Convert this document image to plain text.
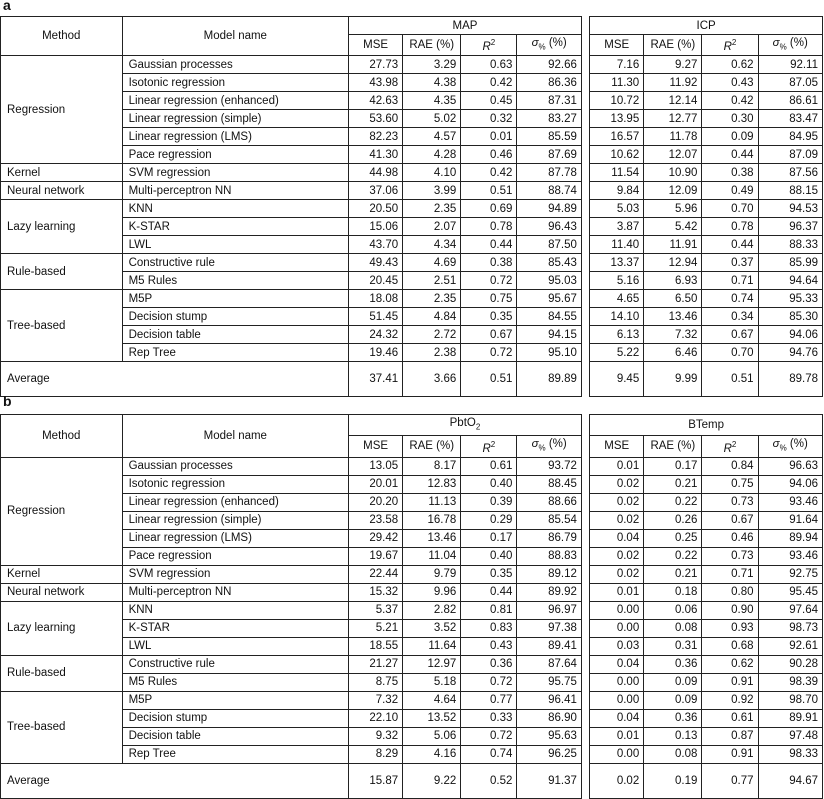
a
Method	Model name	MAP					ICP			
		MSE	RAE (%)	$R^2$	$\sigma_{\%}$ (%)		MSE	RAE (%)	$R^2$	$\sigma_{\%}$ (%)
Regression	Gaussian processes	27.73	3.29	0.63	92.66		7.16	9.27	0.62	92.11
	Isotonic regression	43.98	4.38	0.42	86.36		11.30	11.92	0.43	87.05
	Linear regression (enhanced)	42.63	4.35	0.45	87.31		10.72	12.14	0.42	86.61
	Linear regression (simple)	53.60	5.02	0.32	83.27		13.95	12.77	0.30	83.47
	Linear regression (LMS)	82.23	4.57	0.01	85.59		16.57	11.78	0.09	84.95
	Pace regression	41.30	4.28	0.46	87.69		10.62	12.07	0.44	87.09
Kernel	SVM regression	44.98	4.10	0.42	87.78		11.54	10.90	0.38	87.56
Neural network	Multi-perceptron NN	37.06	3.99	0.51	88.74		9.84	12.09	0.49	88.15
Lazy learning	KNN	20.50	2.35	0.69	94.89		5.03	5.96	0.70	94.53
	K-STAR	15.06	2.07	0.78	96.43		3.87	5.42	0.78	96.37
	LWL	43.70	4.34	0.44	87.50		11.40	11.91	0.44	88.33
Rule-based	Constructive rule	49.43	4.69	0.38	85.43		13.37	12.94	0.37	85.99
	M5 Rules	20.45	2.51	0.72	95.03		5.16	6.93	0.71	94.64
Tree-based	M5P	18.08	2.35	0.75	95.67		4.65	6.50	0.74	95.33
	Decision stump	51.45	4.84	0.35	84.55		14.10	13.46	0.34	85.30
	Decision table	24.32	2.72	0.67	94.15		6.13	7.32	0.67	94.06
	Rep Tree	19.46	2.38	0.72	95.10		5.22	6.46	0.70	94.76
Average		37.41	3.66	0.51	89.89		9.45	9.99	0.51	89.78
b
Method	Model name	PbtO$_2$					BTemp			
		MSE	RAE (%)	$R^2$	$\sigma_{\%}$ (%)		MSE	RAE (%)	$R^2$	$\sigma_{\%}$ (%)
Regression	Gaussian processes	13.05	8.17	0.61	93.72		0.01	0.17	0.84	96.63
	Isotonic regression	20.01	12.83	0.40	88.45		0.02	0.21	0.75	94.06
	Linear regression (enhanced)	20.20	11.13	0.39	88.66		0.02	0.22	0.73	93.46
	Linear regression (simple)	23.58	16.78	0.29	85.54		0.02	0.26	0.67	91.64
	Linear regression (LMS)	29.42	13.46	0.17	86.79		0.04	0.25	0.46	89.94
	Pace regression	19.67	11.04	0.40	88.83		0.02	0.22	0.73	93.46
Kernel	SVM regression	22.44	9.79	0.35	89.12		0.02	0.21	0.71	92.75
Neural network	Multi-perceptron NN	15.32	9.96	0.44	89.92		0.01	0.18	0.80	95.45
Lazy learning	KNN	5.37	2.82	0.81	96.97		0.00	0.06	0.90	97.64
	K-STAR	5.21	3.52	0.83	97.38		0.00	0.08	0.93	98.73
	LWL	18.55	11.64	0.43	89.41		0.03	0.31	0.68	92.61
Rule-based	Constructive rule	21.27	12.97	0.36	87.64		0.04	0.36	0.62	90.28
	M5 Rules	8.75	5.18	0.72	95.75		0.00	0.09	0.91	98.39
Tree-based	M5P	7.32	4.64	0.77	96.41		0.00	0.09	0.92	98.70
	Decision stump	22.10	13.52	0.33	86.90		0.04	0.36	0.61	89.91
	Decision table	9.32	5.06	0.72	95.63		0.01	0.13	0.87	97.48
	Rep Tree	8.29	4.16	0.74	96.25		0.00	0.08	0.91	98.33
Average		15.87	9.22	0.52	91.37		0.02	0.19	0.77	94.67
